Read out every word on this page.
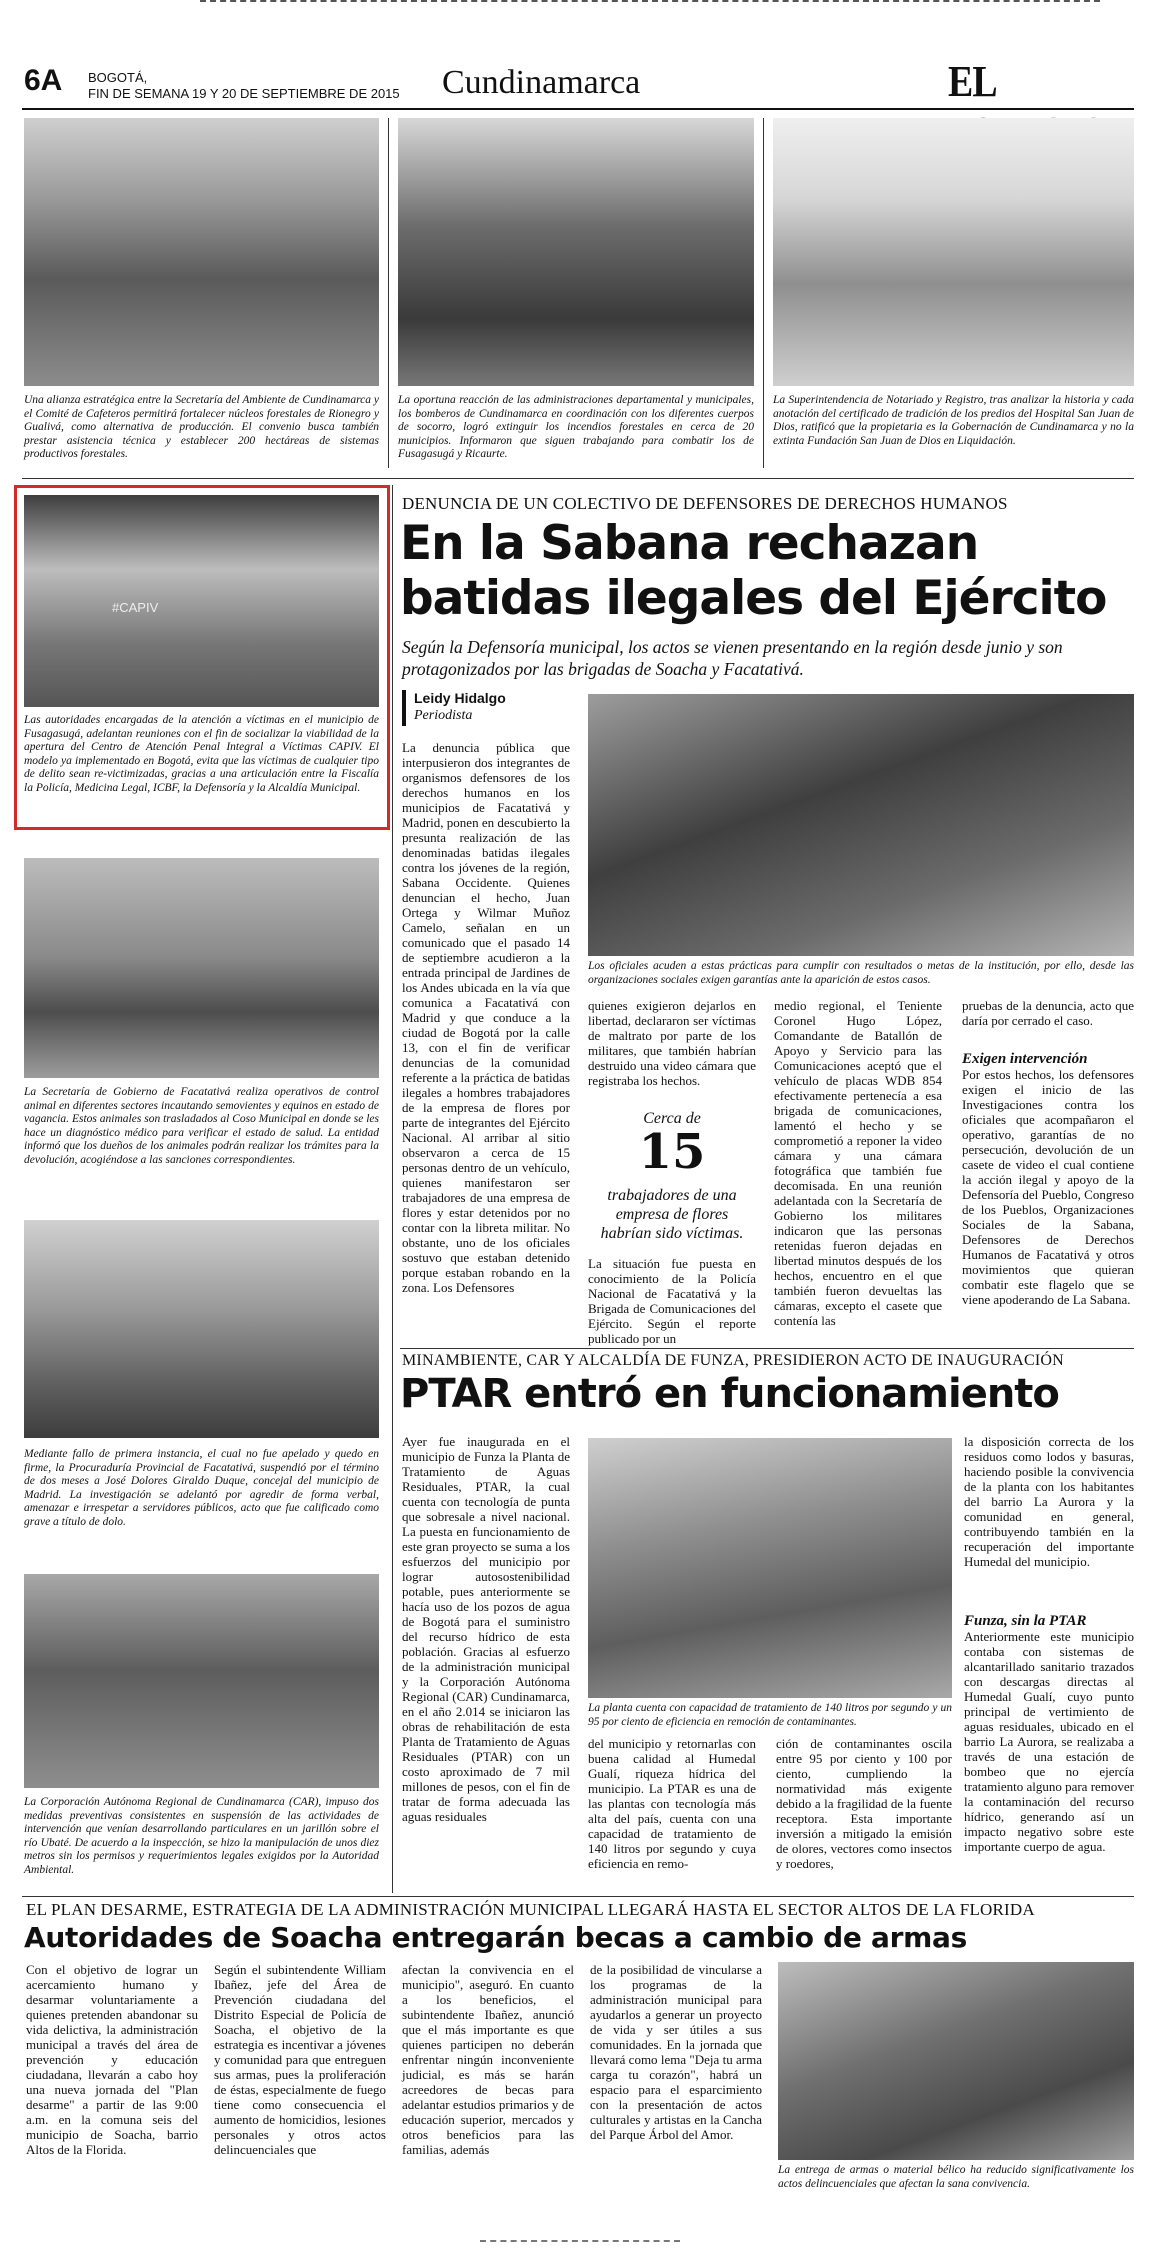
6A BOGOTÁ,
FIN DE SEMANA 19 Y 20 DE SEPTIEMBRE DE 2015 Cundinamarca	EL
Una alianza estratégica entre la Secretaría del Ambiente de Cundinamarca y el Comité de Cafeteros permitirá fortalecer núcleos forestales de Rionegro y Gualivá, como alternativa de producción. El convenio busca también prestar asistencia técnica y establecer 200 hectáreas de sistemas productivos forestales.
La oportuna reacción de las administraciones departamental y municipales, los bomberos de Cundinamarca en coordinación con los diferentes cuerpos de socorro, logró extinguir los incendios forestales en cerca de 20 municipios. Informaron que siguen trabajando para combatir los de Fusagasugá y Ricaurte.
La Superintendencia de Notariado y Registro, tras analizar la historia y cada anotación del certificado de tradición de los predios del Hospital San Juan de Dios, ratificó que la propietaria es la Gobernación de Cundinamarca y no la extinta Fundación San Juan de Dios en Liquidación.
#CAPIV
Las autoridades encargadas de la atención a víctimas en el municipio de Fusagasugá, adelantan reuniones con el fin de socializar la viabilidad de la apertura del Centro de Atención Penal Integral a Víctimas CAPIV. El modelo ya implementado en Bogotá, evita que las víctimas de cualquier tipo de delito sean re-victimizadas, gracias a una articulación entre la Fiscalía la Policía, Medicina Legal, ICBF, la Defensoría y la Alcaldía Municipal.
La Secretaría de Gobierno de Facatativá realiza operativos de control animal en diferentes sectores incautando semovientes y equinos en estado de vagancia. Estos animales son trasladados al Coso Municipal en donde se les hace un diagnóstico médico para verificar el estado de salud. La entidad informó que los dueños de los animales podrán realizar los trámites para la devolución, acogiéndose a las sanciones correspondientes.
Mediante fallo de primera instancia, el cual no fue apelado y quedo en firme, la Procuraduría Provincial de Facatativá, suspendió por el término de dos meses a José Dolores Giraldo Duque, concejal del municipio de Madrid. La investigación se adelantó por agredir de forma verbal, amenazar e irrespetar a servidores públicos, acto que fue calificado como grave a título de dolo.
La Corporación Autónoma Regional de Cundinamarca (CAR), impuso dos medidas preventivas consistentes en suspensión de las actividades de intervención que venían desarrollando particulares en un jarillón sobre el río Ubaté. De acuerdo a la inspección, se hizo la manipulación de unos diez metros sin los permisos y requerimientos legales exigidos por la Autoridad Ambiental.
DENUNCIA DE UN COLECTIVO DE DEFENSORES DE DERECHOS HUMANOS
En la Sabana rechazan batidas ilegales del Ejército
Según la Defensoría municipal, los actos se vienen presentando en la región desde junio y son protagonizados por las brigadas de Soacha y Facatativá.
Leidy Hidalgo
Periodista
La denuncia pública que interpusieron dos integrantes de organismos defensores de los derechos humanos en los municipios de Facatativá y Madrid, ponen en descubierto la presunta realización de las denominadas batidas ilegales contra los jóvenes de la región, Sabana Occidente. Quienes denuncian el hecho, Juan Ortega y Wilmar Muñoz Camelo, señalan en un comunicado que el pasado 14 de septiembre acudieron a la entrada principal de Jardines de los Andes ubicada en la vía que comunica a Facatativá con Madrid y que conduce a la ciudad de Bogotá por la calle 13, con el fin de verificar denuncias de la comunidad referente a la práctica de batidas ilegales a hombres trabajadores de la empresa de flores por parte de integrantes del Ejército Nacional. Al arribar al sitio observaron a cerca de 15 personas dentro de un vehículo, quienes manifestaron ser trabajadores de una empresa de flores y estar detenidos por no contar con la libreta militar. No obstante, uno de los oficiales sostuvo que estaban detenido porque estaban robando en la zona. Los Defensores
Los oficiales acuden a estas prácticas para cumplir con resultados o metas de la institución, por ello, desde las organizaciones sociales exigen garantías ante la aparición de estos casos.
quienes exigieron dejarlos en libertad, declararon ser víctimas de maltrato por parte de los militares, que también habrían destruido una video cámara que registraba los hechos.
Cerca de
15
trabajadores de una empresa de flores habrían sido víctimas.
La situación fue puesta en conocimiento de la Policía Nacional de Facatativá y la Brigada de Comunicaciones del Ejército. Según el reporte publicado por un
medio regional, el Teniente Coronel Hugo López, Comandante de Batallón de Apoyo y Servicio para las Comunicaciones aceptó que el vehículo de placas WDB 854 efectivamente pertenecía a esa brigada de comunicaciones, lamentó el hecho y se comprometió a reponer la video cámara y una cámara fotográfica que también fue decomisada. En una reunión adelantada con la Secretaría de Gobierno los militares indicaron que las personas retenidas fueron dejadas en libertad minutos después de los hechos, encuentro en el que también fueron devueltas las cámaras, excepto el casete que contenía las
pruebas de la denuncia, acto que daría por cerrado el caso.
Exigen intervención
Por estos hechos, los defensores exigen el inicio de las Investigaciones contra los oficiales que acompañaron el operativo, garantías de no persecución, devolución de un casete de video el cual contiene la acción ilegal y apoyo de la Defensoría del Pueblo, Congreso de los Pueblos, Organizaciones Sociales de la Sabana, Defensores de Derechos Humanos de Facatativá y otros movimientos que quieran combatir este flagelo que se viene apoderando de La Sabana.
MINAMBIENTE, CAR Y ALCALDÍA DE FUNZA, PRESIDIERON ACTO DE INAUGURACIÓN
PTAR entró en funcionamiento
Ayer fue inaugurada en el municipio de Funza la Planta de Tratamiento de Aguas Residuales, PTAR, la cual cuenta con tecnología de punta que sobresale a nivel nacional. La puesta en funcionamiento de este gran proyecto se suma a los esfuerzos del municipio por lograr autosostenibilidad potable, pues anteriormente se hacía uso de los pozos de agua de Bogotá para el suministro del recurso hídrico de esta población. Gracias al esfuerzo de la administración municipal y la Corporación Autónoma Regional (CAR) Cundinamarca, en el año 2.014 se iniciaron las obras de rehabilitación de esta Planta de Tratamiento de Aguas Residuales (PTAR) con un costo aproximado de 7 mil millones de pesos, con el fin de tratar de forma adecuada las aguas residuales
La planta cuenta con capacidad de tratamiento de 140 litros por segundo y un 95 por ciento de eficiencia en remoción de contaminantes.
del municipio y retornarlas con buena calidad al Humedal Gualí, riqueza hídrica del municipio. La PTAR es una de las plantas con tecnología más alta del país, cuenta con una capacidad de tratamiento de 140 litros por segundo y cuya eficiencia en remo-
ción de contaminantes oscila entre 95 por ciento y 100 por ciento, cumpliendo la normatividad más exigente debido a la fragilidad de la fuente receptora. Esta importante inversión a mitigado la emisión de olores, vectores como insectos y roedores,
la disposición correcta de los residuos como lodos y basuras, haciendo posible la convivencia de la planta con los habitantes del barrio La Aurora y la comunidad en general, contribuyendo también en la recuperación del importante Humedal del municipio.
Funza, sin la PTAR
Anteriormente este municipio contaba con sistemas de alcantarillado sanitario trazados con descargas directas al Humedal Gualí, cuyo punto principal de vertimiento de aguas residuales, ubicado en el barrio La Aurora, se realizaba a través de una estación de bombeo que no ejercía tratamiento alguno para remover la contaminación del recurso hídrico, generando así un impacto negativo sobre este importante cuerpo de agua.
EL PLAN DESARME, ESTRATEGIA DE LA ADMINISTRACIÓN MUNICIPAL LLEGARÁ HASTA EL SECTOR ALTOS DE LA FLORIDA
Autoridades de Soacha entregarán becas a cambio de armas
Con el objetivo de lograr un acercamiento humano y desarmar voluntariamente a quienes pretenden abandonar su vida delictiva, la administración municipal a través del área de prevención y educación ciudadana, llevarán a cabo hoy una nueva jornada del "Plan desarme" a partir de las 9:00 a.m. en la comuna seis del municipio de Soacha, barrio Altos de la Florida.
Según el subintendente William Ibañez, jefe del Área de Prevención ciudadana del Distrito Especial de Policía de Soacha, el objetivo de la estrategia es incentivar a jóvenes y comunidad para que entreguen sus armas, pues la proliferación de éstas, especialmente de fuego tiene como consecuencia el aumento de homicidios, lesiones personales y otros actos delincuenciales que
afectan la convivencia en el municipio", aseguró. En cuanto a los beneficios, el subintendente Ibañez, anunció que el más importante es que quienes participen no deberán enfrentar ningún inconveniente judicial, es más se harán acreedores de becas para adelantar estudios primarios y de educación superior, mercados y otros beneficios para las familias, además
de la posibilidad de vincularse a los programas de la administración municipal para ayudarlos a generar un proyecto de vida y ser útiles a sus comunidades. En la jornada que llevará como lema "Deja tu arma carga tu corazón", habrá un espacio para el esparcimiento con la presentación de actos culturales y artistas en la Cancha del Parque Árbol del Amor.
La entrega de armas o material bélico ha reducido significativamente los actos delincuenciales que afectan la sana convivencia.
